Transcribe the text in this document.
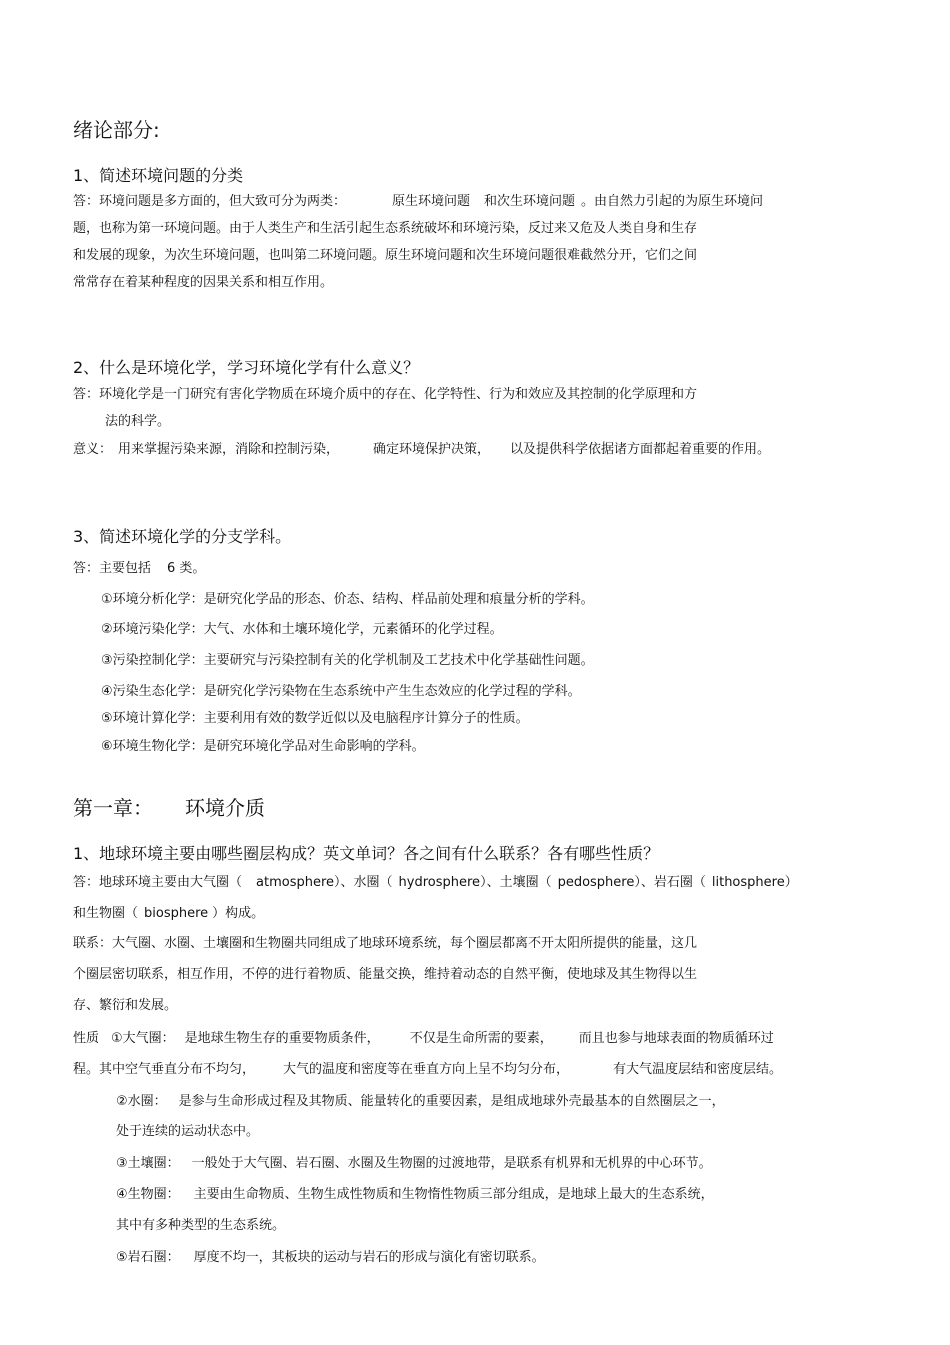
绪论部分:
1、简述环境问题的分类
答：环境问题是多方面的，但大致可分为两类：	原生环境问题 和次生环境问题 。由自然力引起的为原生环境问
题，也称为第一环境问题。由于人类生产和生活引起生态系统破坏和环境污染，反过来又危及人类自身和生存
和发展的现象，为次生环境问题，也叫第二环境问题。原生环境问题和次生环境问题很难截然分开，它们之间
常常存在着某种程度的因果关系和相互作用。
2、什么是环境化学，学习环境化学有什么意义？
答：环境化学是一门研究有害化学物质在环境介质中的存在、化学特性、行为和效应及其控制的化学原理和方
法的科学。
意义： 用来掌握污染来源，消除和控制污染，	确定环境保护决策， 以及提供科学依据诸方面都起着重要的作用。
3、简述环境化学的分支学科。
答：主要包括 6 类。
①环境分析化学：是研究化学品的形态、价态、结构、样品前处理和痕量分析的学科。
②环境污染化学：大气、水体和土壤环境化学，元素循环的化学过程。
③污染控制化学：主要研究与污染控制有关的化学机制及工艺技术中化学基础性问题。
④污染生态化学：是研究化学污染物在生态系统中产生生态效应的化学过程的学科。
⑤环境计算化学：主要利用有效的数学近似以及电脑程序计算分子的性质。
⑥环境生物化学：是研究环境化学品对生命影响的学科。
第一章： 环境介质
1、地球环境主要由哪些圈层构成？英文单词？各之间有什么联系？各有哪些性质？
答：地球环境主要由大气圈（ atmosphere）、水圈（ hydrosphere）、土壤圈（ pedosphere）、岩石圈（ lithosphere）
和生物圈（ biosphere ）构成。
联系：大气圈、水圈、土壤圈和生物圈共同组成了地球环境系统，每个圈层都离不开太阳所提供的能量，这几
个圈层密切联系，相互作用，不停的进行着物质、能量交换，维持着动态的自然平衡，使地球及其生物得以生
存、繁衍和发展。
性质 ①大气圈： 是地球生物生存的重要物质条件， 不仅是生命所需的要素， 而且也参与地球表面的物质循环过
程。其中空气垂直分布不均匀， 大气的温度和密度等在垂直方向上呈不均匀分布，	有大气温度层结和密度层结。
②水圈： 是参与生命形成过程及其物质、能量转化的重要因素，是组成地球外壳最基本的自然圈层之一，
处于连续的运动状态中。
③土壤圈： 一般处于大气圈、岩石圈、水圈及生物圈的过渡地带，是联系有机界和无机界的中心环节。
④生物圈： 主要由生命物质、生物生成性物质和生物惰性物质三部分组成，是地球上最大的生态系统，
其中有多种类型的生态系统。
⑤岩石圈： 厚度不均一，其板块的运动与岩石的形成与演化有密切联系。
